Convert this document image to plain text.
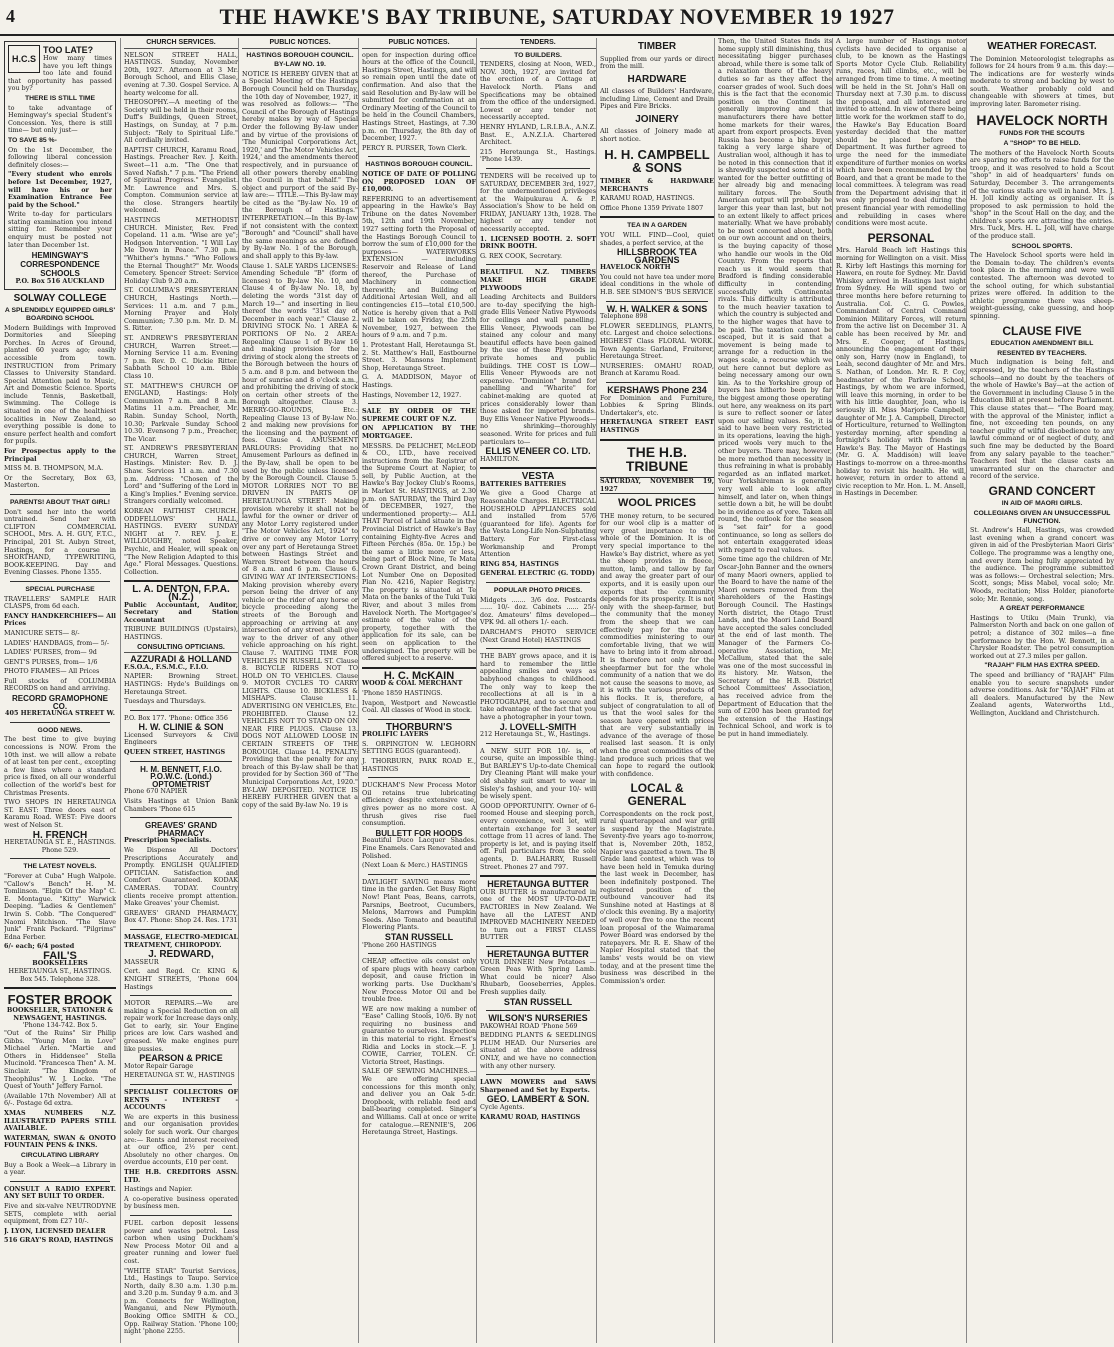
4	THE HAWKE'S BAY TRIBUNE, SATURDAY NOVEMBER 19 1927
H.C.S
TOO LATE?

How many times have you left things too late and found that opportunity has passed you by?

THERE IS STILL TIME

to take advantage of Hemingway's special Student's Concession. Yes, there is still time— but only just—

TO SAVE 85 %-

On the 1st December, the following liberal concession definitely closes:—

"Every student who enrols before 1st December, 1927, will have his or her Examination Entrance Fee paid by the School."

Write to-day for particulars stating examination you intend sitting for. Remember your enquiry must be posted not later than December 1st.

HEMINGWAY'S CORRESPONDENCE SCHOOLS
P.O. Box 516 AUCKLAND
SOLWAY COLLEGE
A SPLENDIDLY EQUIPPED GIRLS' BOARDING SCHOOL

Modern Buildings with Improved Dormitories and Sleeping Porches. In Acres of Ground, planted 60 years ago; easily accessible from town. INSTRUCTION from Primary Classes to University Standard. Special Attention paid to Music, Art and Domestic Science. Sports include Tennis, Basketball, Swimming. The College is situated in one of the healthiest localities in New Zealand, so everything possible is done to ensure perfect health and comfort for pupils.

For Prospectus apply to the Principal

MISS M. B. THOMPSON, M.A.

Or the Secretary, Box 63, Masterton.

PARENTS! ABOUT THAT GIRL!

Don't send her into the world untrained. Send her with CLIFTON COMMERCIAL SCHOOL, Mrs. A. H. GUY, F.T.C., Principal, 201 St. Aubyn Street, Hastings, for a course in SHORTHAND, TYPEWRITING, BOOK-KEEPING. Day and Evening Classes. Phone 1355.

SPECIAL PURCHASE

TRAVELLERS' SAMPLE HAIR CLASPS, from 6d each.

FANCY HANDKERCHIEFS— All Prices

MANICURE SETS— 8/-

LADIES' HANDBAGS, from— 5/-

LADIES' PURSES, from— 9d

GENT'S PURSES, from— 1/6

PHOTO FRAMES— All Prices

Full stocks of COLUMBIA RECORDS on hand and arriving.

RECORD GRAMOPHONE CO.
405 HERETAUNGA STREET W.
GOOD NEWS.

The best time to give buying concessions is NOW. From the 10th inst. we will allow a rebate of at least ten per cent., excepting a few lines where a standard price is fixed, on all our wonderful collection of the world's best for Christmas Presents.

TWO SHOPS IN HERETAUNGA ST. EAST: Three doors east of Karamu Road. WEST: Five doors west of Nelson St.

H. FRENCH
HERETAUNGA ST. E., HASTINGS. Phone 529.
THE LATEST NOVELS.

"Forever at Cuba" Hugh Walpole. "Callow's Bench" H. M. Tomlinson. "Elgin Of the Map" C. E. Montague. "Kitty" Warwick Deeping. "Ladies & Gentlemen" Irwin S. Cobb. "The Conquered" Naomi Mitchison. "The Slave Junk" Frank Packard. "Pilgrims" Edna Ferber.

6/- each; 6/4 posted

FAIL'S
BOOKSELLERS
HERETAUNGA ST., HASTINGS. Box 545. Telephone 328.
FOSTER BROOK
BOOKSELLER, STATIONER & NEWSAGENT, HASTINGS.
'Phone 134-742. Box 5.

"Out of the Ruins" Sir Philip Gibbs. "Young Men in Love" Michael Arlen. "Martie and Others in Hiddensee" Stella Mucinold. "Francesca Then" A. M. Sinclair. "The Kingdom of Theophilus" W. J. Locke. "The Quest of Youth" Jeffery Farnol.

(Available 17th November) All at 6/-. Postage 6d extra.

XMAS NUMBERS N.Z. ILLUSTRATED PAPERS STILL AVAILABLE.

WATERMAN, SWAN & ONOTO FOUNTAIN PENS & INKS.

CIRCULATING LIBRARY

Buy a Book a Week—a Library in a year.

CONSULT A RADIO EXPERT. ANY SET BUILT TO ORDER.

Five and six-valve NEUTRODYNE SETS, complete with aerial equipment, from £27 10/-.

J. LYON, LICENSED DEALER

516 GRAY'S ROAD, HASTINGS

CHURCH SERVICES.

NELSON STREET HALL, HASTINGS. Sunday, November 20th, 1927. Afternoon at 3 Mr. Borough School, and Ellis Clase, evening at 7.30. Gospel Service. A hearty welcome for all.

THEOSOPHY.—A meeting of the Society will be held in their rooms, Duff's Buildings, Queen Street, Hastings, on Sunday, at 7 p.m. Subject: "Rely to Spiritual Life." All cordially invited.

BAPTIST CHURCH, Karamu Road, Hastings. Preacher Rev. J. Keith. Sweet—11 a.m. "The One that Saved Nafish." 7 p.m. "The Friend of Spiritual Progress." Evangelist. Mr. Lawrence and Mrs. S. Compton. Communion service at the close. Strangers heartily welcomed.

HASTINGS METHODIST CHURCH. Minister, Rev. Fred Copeland. 11 a.m. "Wise are ye"; Hodgson Intervention. "I Will Lay Me Down in Peace." 7.30 p.m. "Whither's hymns." "Who Follows the Eternal Thought?" Mr. Woods Cemetery. Spencer Street: Service Holiday Club 9.20 a.m.

ST. COLUMBA'S PRESBYTERIAN CHURCH, Hastings North.—Services: 11 a.m. and 7 p.m., Morning Prayer and Holy Communion; 7.30 p.m. Mr. D. M. S. Ritter.

ST. ANDREW'S PRESBYTERIAN CHURCH, Warren Street.—Morning Service 11 a.m. Evening 7 p.m. Rev. D. C. Dickie Ritter. Sabbath School 10 a.m. Bible Class 10.

ST. MATTHEW'S CHURCH OF ENGLAND, Hastings: Holy Communion 7 a.m. and 8 a.m. Matins 11 a.m. Preacher, Mr. Rabin. Sunday School, North, 10.30; Parkvale Sunday School 10.30. Evensong 7 p.m., Preacher, The Vicar.

ST. ANDREW'S PRESBYTERIAN CHURCH, Warren Street, Hastings. Minister: Rev. D. J. Shaw. Services 11 a.m. and 7.30 p.m. Address: "Chosen of the Lord" and "Suffering of the Lord in a King's Implies." Evening service. Strangers cordially welcomed.

KOREAN FAITHIST CHURCH. ODDFELLOWS' HALL, HASTINGS. EVERY SUNDAY NIGHT at 7. REV. J. E. WILLOUGHBY, noted Speaker, Psychic, and Healer, will speak on "The New Religion Adapted to this Age." Floral Messages. Questions. Collection.

L. A. DENTON, F.P.A. (N.Z.)

Public Accountant, Auditor, Secretary and Station Accountant

TRIBUNE BUILDINGS (Upstairs), HASTINGS.

CONSULTING OPTICIANS.
AZZURADI & HOLLAND

F.S.O.A., F.S.M.C., F.I.O.

NAPIER: Browning Street. HASTINGS: Hyde's Buildings on Heretaunga Street.

Tuesdays and Thursdays.

P.O. Box 177. 'Phone: Office 356

H. W. CLINIE & SON

Licensed Surveyors & Civil Engineers

QUEEN STREET, HASTINGS

H. M. BENNETT, F.I.O. P.O.W.C. (Lond.) OPTOMETRIST

Phone 670 NAPIER

Visits Hastings at Union Bank Chambers 'Phone 615

GREAVES' GRAND PHARMACY

Prescription Specialists.

We Dispense All Doctors' Prescriptions Accurately and Promptly. ENGLISH QUALIFIED OPTICIAN. Satisfaction and Comfort Guaranteed. KODAK CAMERAS. TODAY. Country clients receive prompt attention. Make Greaves' your Chemist.

GREAVES' GRAND PHARMACY, Box 47. Phone: Shop 24. Res. 1731

MASSAGE, ELECTRO-MEDICAL TREATMENT, CHIROPODY.

J. REDWARD,

MASSEUR

Cert. and Regd. Cr. KING & KNIGHT STREETS, 'Phone 604 Hastings

MOTOR REPAIRS.—We are making a Special Reduction on all repair work for Increase days only. Get to early, sir. Your Engine prices are low. Cars washed and greased. We make engines purr like pussies.

PEARSON & PRICE

Motor Repair Garage

HERETAUNGA ST. W., HASTINGS

SPECIALIST COLLECTORS OF RENTS - INTEREST - ACCOUNTS

We are experts in this business and our organisation provides solely for such work. Our charges are:— Rents and interest received at our office, 2½ per cent. Absolutely no other charges. On overdue accounts, £10 per cent.

THE H.B. CREDITORS ASSN. LTD.

Hastings and Napier.

A co-operative business operated by business men.

FUEL carbon deposit lessens power and wastes petrol. Less carbon when using Duckham's New Process Motor Oil and a greater running and lower fuel cost.

"WHITE STAR" Tourist Services, Ltd., Hastings to Taupo. Service North, daily 8.30 a.m. 1.30 p.m. and 3.20 p.m. Sunday 9 a.m. and 3 p.m. Connects for Wellington, Wanganui, and New Plymouth. Booking Office SMITH & CO., Opp. Railway Station. 'Phone 100; night 'phone 2255.

PUBLIC NOTICES.
HASTINGS BOROUGH COUNCIL.
BY-LAW NO. 19.

NOTICE IS HEREBY GIVEN that at a Special Meeting of the Hastings Borough Council held on Thursday, the 10th day of November, 1927, it was resolved as follows:— "The Council of the Borough of Hastings hereby makes by way of Special Order the following By-law under and by virtue of the provisions of 'The Municipal Corporations Act, 1920,' and 'The Motor Vehicles Act, 1924,' and the amendments thereof respectively, and in pursuance of all other powers thereby enabling the Council in that behalf." The object and purport of the said By-law are:— TITLE.—This By-law may be cited as the "By-law No. 19 of the Borough of Hastings." INTERPRETATION.—In this By-law if not consistent with the context "Borough" and "Council" shall have the same meanings as are defined by By-law No. 1 of the Borough, and shall apply to this By-law.

Clause 1. SALE YARDS LICENSES: Amending Schedule "B" (form of licenses) to By-law No. 10, and Clause 4 of By-law No. 18, by deleting the words "31st day of March 19—" and inserting in lieu thereof the words "31st day of December in each year." Clause 2. DRIVING STOCK No. 1 AREA & PORTIONS OF No. 2 AREA: Repealing Clause 1 of By-law 16 and making provision for the driving of stock along the streets of the Borough between the hours of 5 a.m. and 8 p.m. and between the hour of sunrise and 8 o'clock a.m., and prohibiting the driving of stock on certain other streets of the Borough altogether. Clause 3. MERRY-GO-ROUNDS, Etc.: Repealing Clause 13 of By-law No. 2 and making new provisions for the licensing and the payment of fees. Clause 4. AMUSEMENT PARLOURS: Providing that no Amusement Parlours as defined in the By-law, shall be open to be used by the public unless licensed by the Borough Council. Clause 5. MOTOR LORRIES NOT TO BE DRIVEN IN PARTS OF HERETAUNGA STREET: Making provision whereby it shall not be lawful for the owner or driver of any Motor Lorry registered under "The Motor Vehicles Act, 1924" to drive or convey any Motor Lorry over any part of Heretaunga Street between Hastings Street and Warren Street between the hours of 8 a.m. and 6 p.m. Clause 6. GIVING WAY AT INTERSECTIONS: Making provision whereby every person being the driver of any vehicle or the rider of any horse or bicycle proceeding along the streets of the Borough and approaching or arriving at any intersection of any street shall give way to the driver of any other vehicle approaching on his right. Clause 7. WAITING TIME FOR VEHICLES IN RUSSELL ST. Clause 8. BICYCLE RIDERS NOT TO HOLD ON TO VEHICLES. Clause 9. MOTOR CYCLES TO CARRY LIGHTS. Clause 10. BICKLESS & MISHAPS. Clause 11. ADVERTISING ON VEHICLES, Etc. PROHIBITED. Clause 12. VEHICLES NOT TO STAND ON ON NEAR FIRE PLUGS. Clause 13. DOGS NOT ALLOWED LOOSE IN CERTAIN STREETS OF THE BOROUGH. Clause 14. PENALTY: Providing that the penalty for any breach of this By-law shall be that provided for by Section 360 of "The Municipal Corporations Act, 1920." BY-LAW DEPOSITED. NOTICE IS HEREBY FURTHER GIVEN that a copy of the said By-law No. 19 is

PUBLIC NOTICES.

open for inspection during office hours at the office of the Council, Hastings Street, Hastings, and will so remain open until the date of confirmation. And also that the said Resolution and By-law will be submitted for confirmation at an Ordinary Meeting of the Council to be held in the Council Chambers, Hastings Street, Hastings, at 7.30 p.m. on Thursday, the 8th day of December, 1927.

PERCY R. PURSER, Town Clerk.

HASTINGS BOROUGH COUNCIL.

NOTICE OF DATE OF POLLING ON PROPOSED LOAN OF £10,000.

REFERRING to an advertisement appearing in the Hawke's Bay Tribune on the dates November 5th, 12th and 19th November, 1927 setting forth the Proposal of the Hastings Borough Council to borrow the sum of £10,000 for the purposes— WATERWORKS EXTENSION — including Reservoir and Release of Land thereof, the Purchase of Machinery in connection therewith; and Building of Additional Artesian Well, and all contingencies £15—total £10,500. Notice is hereby given that a Poll will be taken on Friday, the 25th November, 1927, between the hours of 9 a.m. and 7 p.m.

1. Protestant Hall, Heretaunga St. 2. St. Matthew's Hall, Eastbourne Street. 3. Mansons Implement Shop, Heretaunga Street.

G. A. MADDISON, Mayor of Hastings.

Hastings, November 12, 1927.

SALE BY ORDER OF THE SUPREME COURT OF N.Z.

ON APPLICATION BY THE MORTGAGEE.

MESSRS. De PELICHET, McLEOD & CO., LTD., have received instructions from the Registrar of the Supreme Court at Napier, to sell, by Public Auction, at the Hawke's Bay Jockey Club's Rooms, in Market St. HASTINGS, at 2.30 p.m. on SATURDAY, the Third Day of DECEMBER, 1927, the undermentioned property:— ALL THAT Parcel of Land situate in the Provincial District of Hawke's Bay containing Eighty-five Acres and Fifteen Perches (85a. 0r. 15p.) be the same a little more or less, being part of Block Nine, Te Mata Crown Grant District, and being Lot Number One on Deposited Plan No. 4216, Napier Registry. The property is situated at Te Mata on the banks of the Tuki Tuki River, and about 3 miles from Havelock North. The Mortgagee's estimate of the value of the property, together with the application for its sale, can be seen on application to the undersigned. The property will be offered subject to a reserve.

H. C. McKAIN

WOOD & COAL MERCHANT

'Phone 1859 HASTINGS.

Ivapon, Westport and Newcastle Coal. All classes of Wood in stock.

THORBURN'S

PROLIFIC LAYERS

S. ORPINGTON W. LEGHORN SETTING EGGS (guaranteed).

J. THORBURN, PARK ROAD E., HASTINGS

DUCKHAM'S New Process Motor Oil retains true lubricating efficiency despite extensive use, gives power as no more cost. A thrush gives rise fuel consumption.

BULLETT FOR HOODS

Beautiful Duco Lacquer Shades. Fine Enamels. Cars Renovated and Polished.

(Next Loan & Merc.) HASTINGS

DAYLIGHT SAVING means more time in the garden. Get Busy Right Now! Plant Peas, Beans, carrots, Parsnips, Beetroot, Cucumbers, Melons, Marrows and Pumpkin Seeds. Also Tomato and beautiful Flowering Plants.

STAN RUSSELL

'Phone 260 HASTINGS

CHEAP, effective oils consist only of spare plugs with heavy carbon deposit, and cause friction in working parts. Use Duckham's New Process Motor Oil and be trouble free.

WE are now making a number of "Ease" Calling Stools, 10/6. By not requiring no business and guarantee to ourselves. Inspection in this material to right. Ernest's Ridia and Locks in stock.—F. J. COWIE, Carrier, TOLEN. Cr. Victoria Street, Hastings.

SALE OF SEWING MACHINES.—We are offering special concessions for this month only, and deliver you an Oak 5-dr. Dropbook, with reliable feed and ball-bearing completed. Singer's and Williams. Call at once or write for catalogue.—RENNIE'S, 206 Heretaunga Street, Hastings.

TENDERS.
TO BUILDERS.

TENDERS, closing at Noon, WED., NOV. 30th, 1927, are invited for the erection of a Cottage at Havelock North. Plans and Specifications may be obtained from the office of the undersigned. Lowest or any tender not necessarily accepted.

HENRY HYLAND, L.R.I.B.A., A.N.Z. Bnst. E., A.N.Z.I.A. Chartered Architect.

215 Heretaunga St., Hastings. 'Phone 1439.

TENDERS will be received up to SATURDAY, DECEMBER 3rd, 1927, for the undermentioned privileges at the Waipukurau A. & P. Association's Show to be held on FRIDAY, JANUARY 13th, 1928. The highest or any tender not necessarily accepted.

1. LICENSED BOOTH. 2. SOFT DRINK BOOTH.

G. REX COOK, Secretary.

BEAUTIFUL N.Z. TIMBERS MAKE HIGH GRADE PLYWOODS

Leading Architects and Builders are to-day specifying the high-grade Ellis Veneer Native Plywoods for ceilings and wall panelling. Ellis Veneer, Plywoods can be stained any colour and many beautiful effects have been gained by the use of these Plywoods in private homes and public buildings. THE COST IS LOW—Ellis Veneer Plywoods are not expensive. "Dominion" brand for panelling and "Wharite" for cabinet-making are quoted at prices considerably lower than those asked for imported brands. Buy Ellis Veneer Native Plywoods—no shrinking—thoroughly seasoned. Write for prices and full particulars to—

ELLIS VENEER CO. LTD.

HAMILTON.

VESTA

BATTERIES BATTERIES

We give a Good Charge at Reasonable Charges. ELECTRICAL HOUSEHOLD APPLIANCES sold and installed from 57/6 (guaranteed for life). Agents for the Vesta Long-Life Non-Sulphating Battery. For First-class Workmanship and Prompt Attention

RING 854, HASTINGS

GENERAL ELECTRIC (G. TODD)

POPULAR PHOTO PRICES.

Midgets ....... 3/6 doz. Postcards ...... 10/- doz. Cabinets ...... 25/- doz. Amateurs' films developed—VPK 9d. all others 1/- each.

DARCHAM'S PHOTO SERVICE (Next Grand Hotel) HASTINGS

THE BABY grows apace, and it is hard to remember the little appealing smiles and ways as babyhood changes to childhood. The only way to keep the recollections at all is in a PHOTOGRAPH, and to secure and take advantage of the fact that you have a photographer in your town.

J. LOVELL-SMITH

212 Heretaunga St., W., Hastings.

A NEW SUIT FOR 10/- is, of course, quite an impossible thing. But BARLEY'S Up-to-date Chemical Dry Cleaning Plant will make your old shabby suit smart to wear in Sisley's fashion, and your 10/- will be wisely spent.

GOOD OPPORTUNITY. Owner of 6-roomed House and sleeping porch, every convenience, well let, will entertain exchange for 3 seater cottage from 11 acres of land. The property is let, and is paying itself off. Full particulars from the sole agents, D. BALHARRY, Russell Street. Phones 27 and 797.

HERETAUNGA BUTTER

OUR BUTTER is manufactured in one of the MOST UP-TO-DATE FACTORIES in New Zealand. We have all the LATEST AND IMPROVED MACHINERY NEEDED to turn out a FIRST CLASS BUTTER

HERETAUNGA BUTTER

YOUR DINNER! New Potatoes — Green Peas With Spring Lamb. What could be nicer? Also Rhubarb, Gooseberries, Apples. Fresh supplies daily.

STAN RUSSELL
WILSON'S NURSERIES

PAKOWHAI ROAD 'Phone 569

BEDDING PLANTS & SEEDLINGS PLUM HEAD. Our Nurseries are situated at the above address ONLY, and we have no connection with any other nursery.

LAWN MOWERS and SAWS Sharpened and Set by Experts.

GEO. LAMBERT & SON.

Cycle Agents.

KARAMU ROAD, HASTINGS

TIMBER

Supplied from our yards or direct from the mill.

HARDWARE

All classes of Builders' Hardware, including Lime, Cement and Drain Pipes and Fire Bricks.

JOINERY

All classes of Joinery made at short notice.

H. H. CAMPBELL & SONS

TIMBER & HARDWARE MERCHANTS

KARAMU ROAD, HASTINGS.

Office Phone 1359 Private 1807

TEA IN A GARDEN

YOU WILL FIND—Cool, quiet shades, a perfect service, at the

HILLSBROOK TEA GARDENS

HAVELOCK NORTH

You could not have tea under more ideal conditions in the whole of H.B. SEE SIMON'S 'BUS SERVICE

W. H. WALKER & SONS

Telephone 898

FLOWER SEEDLINGS, PLANTS, etc. Largest and choice selections. HIGHEST Class FLORAL WORK. Town Agents: Garland, Fruiterer, Heretaunga Street.

NURSERIES: OMAHU ROAD, Branch at Karamu Road.

KERSHAWS Phone 234

For Dominion and Furniture, Lobbies & Spring Blinds. Undertaker's, etc.

HERETAUNGA STREET EAST HASTINGS

THE H.B. TRIBUNE

SATURDAY, NOVEMBER 19, 1927

WOOL PRICES

THE money return, to be secured for our wool clip is a matter of very great importance to the whole of the Dominion. It is of very special importance to the Hawke's Bay district, where as yet the sheep provides in fleece, mutton, lamb, and tallow by far and away the greater part of our exports, and it is easily upon our exports that the community depends for its prosperity. It is not only with the sheep-farmer, but the community that the money from the sheep that we can effectively pay for the many commodities ministering to our comfortable living, that we will have to bring into it from abroad. It is therefore not only for the sheepfarmer but for the whole community of a nation that we do not cause the seasons to move, as it is with the various products of his flocks. It is, therefore, a subject of congratulation to all of us that the wool sales for the season have opened with prices that are very substantially in advance of the average of those realised last season. It is only when the great commodities of the land produce such prices that we can hope to regard the outlook with confidence.

LOCAL & GENERAL

Correspondents on the rock post, rural quarterappeal and war grill is suspend by the Magistrate. Seventy-five years ago to-morrow, that is, November 20th, 1852, Napier was gazetted a town. The B Grade land contest, which was to have been held in Temuka during the last week in December, has been indefinitely postponed. The registered position of the outbound vancouver had its Sunshine noted at Hastings at 8 o'clock this evening. By a majority of well over five to one the recent loan proposal of the Waimarama Power Board was endorsed by the ratepayers. Mr. R. E. Shaw of the Napier Hospital stated that the lambs' vests would be on view today, and at the present time the business was described in the Commission's order.

Then, the United States finds its home supply still diminishing, thus necessitating bigger purchases abroad, while there is some talk of a relaxation there of the heavy duties so far as they affect the coarser grades of wool. Such does this is the fact that the economic position on the Continent is generally improving and that manufacturers there have better home markets for their wares, apart from export prospects. Even Russia has become a big buyer, taking a very large share of Australian wool, although it has to be noted in this connection that it is shrewdly suspected some of it is wanted for the better outfitting of her already big and menacing military forces. The South American output will probably be larger this year than last, but not to an extent likely to affect prices materially. What we have probably to be most concerned about, both on our own account and on theirs, is the buying capacity of those who handle our wools in the Old Country. From the reports that reach us it would seem that Bradford is finding considerable difficulty in contending successfully with Continental rivals. This difficulty is attributed to the much heavier taxation to which the country is subjected and to the higher wages that have to be paid. The taxation cannot be escaped, but it is said that a movement is being made to arrange for a reduction in the wages scale, a recourse which we out here cannot but deplore as being necessary among our own kin. As to the Yorkshire group of buyers has hitherto been by far the biggest among those operating out here, any weakness on its part is sure to reflect sooner or later upon our selling values. So, it is said to have been very restricted in its operations, leaving the high-priced wools very much to the other buyers. There may, however, be more method than necessity in thus refraining in what is probably regarded as an inflated market. Your Yorkshireman is generally very well able to look after himself, and later on, when things settle down a bit, he will be doubt be in evidence as of yore. Taken all round, the outlook for the season is "set fair" for a good continuance, so long as sellers do not entertain exaggerated ideas with regard to real values.

Some time ago the children of Mr. Oscar-John Banner and the owners of many Maori owners, applied to the Board to have the name of the Maori owners removed from the shareholders of the Hastings Borough Council. The Hastings North district, the Otago Trust Lands, and the Maori Land Board have accepted the sales concluded at the end of last month. The Manager of the Farmers Co-operative Association, Mr. McCallum, stated that the sale was one of the most successful in its history. Mr. Watson, the Secretary of the H.B. District School Committees' Association, has received advice from the Department of Education that the sum of £200 has been granted for the extension of the Hastings Technical School, and work is to be put in hand immediately.

A large number of Hastings motor cyclists have decided to organise a club, to be known as the Hastings Sports Motor Cycle Club. Reliability runs, races, hill climbs, etc., will be arranged from time to time. A meeting will be held in the St. John's Hall on Thursday next at 7.30 p.m. to discuss the proposal, and all interested are invited to attend. In view of there being little work for the workmen staff to do, the Hawke's Bay Education Board yesterday decided that the matter should be placed before the Department. It was further agreed to urge the need for the immediate expenditure of further monies on works which have been recommended by the Board, and that a grant be made to the local committees. A telegram was read from the Department advising that it was only proposed to deal during the present financial year with remodelling and rebuilding in cases where conditions were most acute.

PERSONAL

Mrs. Harold Beach left Hastings this morning for Wellington on a visit. Miss R. Kirby left Hastings this morning for Hawera, en route for Sydney. Mr. David Whiskey arrived in Hastings last night from Sydney. He will spend two or three months here before returning to Australia. Col. C. G. Powles, Commandant of Central Command Dominion Military Forces, will return from the active list on December 31. A cable has been received by Mr. and Mrs. E. Cooper, of Hastings, announcing the engagement of their only son, Harry (now in England), to Leah, second daughter of Mr. and Mrs. S. Nathan, of London. Mr. R. P. Coy, headmaster of the Parkvale School, Hastings, by whom we are informed, will leave this morning, in order to be with his little daughter, Joan, who is seriously ill. Miss Marjorie Campbell, daughter of Mr. J. A. Campbell, Director of Horticulture, returned to Wellington yesterday morning, after spending a fortnight's holiday with friends in Hawke's Bay. The Mayor of Hastings (Mr. G. A. Maddison) will leave Hastings to-morrow on a three-months holiday to revisit his health. He will, however, return in order to attend a civic reception to Mr. Hon. L. M. Ansell, in Hastings in December.

WEATHER FORECAST.

The Dominion Meteorologist telegraphs as follows for 24 hours from 9 a.m. this day:— The indications are for westerly winds moderate to strong and backing by west to south. Weather probably cold and changeable with showers at times, but improving later. Barometer rising.

HAVELOCK NORTH
FUNDS FOR THE SCOUTS
A "SHOP" TO BE HELD.

The mothers of the Havelock North Scouts are sparing no efforts to raise funds for the troop, and it was resolved to hold a Scout "shop" in aid of headquarters' funds on Saturday, December 3. The arrangements of the various stalls are well in hand. Mrs. J. H. Joll kindly acting as organiser. It is proposed to ask permission to hold the "shop" in the Scout Hall on the day, and the children's sports are attracting the entries. Mrs. Tuck, Mrs. H. L. Joll, will have charge of the produce stall.

SCHOOL SPORTS.

The Havelock School sports were held in the Domain to-day. The children's events took place in the morning and were well contested. The afternoon was devoted to the school outing, for which substantial prizes were offered. In addition to the athletic programme there was sheep-weight-guessing, cake guessing, and hoop spinning.

CLAUSE FIVE
EDUCATION AMENDMENT BILL
RESENTED BY TEACHERS.

Much indignation is being felt, and expressed, by the teachers of the Hastings schools—and no doubt by the teachers of the whole of Hawke's Bay—at the action of the Government in including Clause 5 in the Education Bill at present before Parliament. This clause states that— "The Board may, with the approval of the Minister, inflict a fine, not exceeding ten pounds, on any teacher guilty of wilful disobedience to any lawful command or of neglect of duty, and such fine may be deducted by the Board from any salary payable to the teacher." Teachers feel that the clause casts an unwarranted slur on the character and record of the service.

GRAND CONCERT
IN AID OF MAORI GIRLS.
COLLEGIANS GIVEN AN UNSUCCESSFUL FUNCTION.

St. Andrew's Hall, Hastings, was crowded last evening when a grand concert was given in aid of the Presbyterian Maori Girls' College. The programme was a lengthy one, and every item being fully appreciated by the audience. The programme submitted was as follows:— Orchestral selection; Mrs. Scott, songs; Miss Mabel, vocal solo; Mr. Woods, recitation; Miss Holder, pianoforte solo; Mr. Rennie, song.

A GREAT PERFORMANCE

Hastings to Utiku (Main Trunk), via Palmerston North and back on one gallon of petrol; a distance of 302 miles—a fine performance by the Hon. W. Bennett, in a Chrysler Roadster. The petrol consumption worked out at 27.3 miles per gallon.

"RAJAH" FILM HAS EXTRA SPEED.

The speed and brilliancy of "RAJAH" Film enable you to secure snapshots under adverse conditions. Ask for "RAJAH" Film at all dealers. Manufactured by the New Zealand agents, Waterworths Ltd., Wellington, Auckland and Christchurch.
